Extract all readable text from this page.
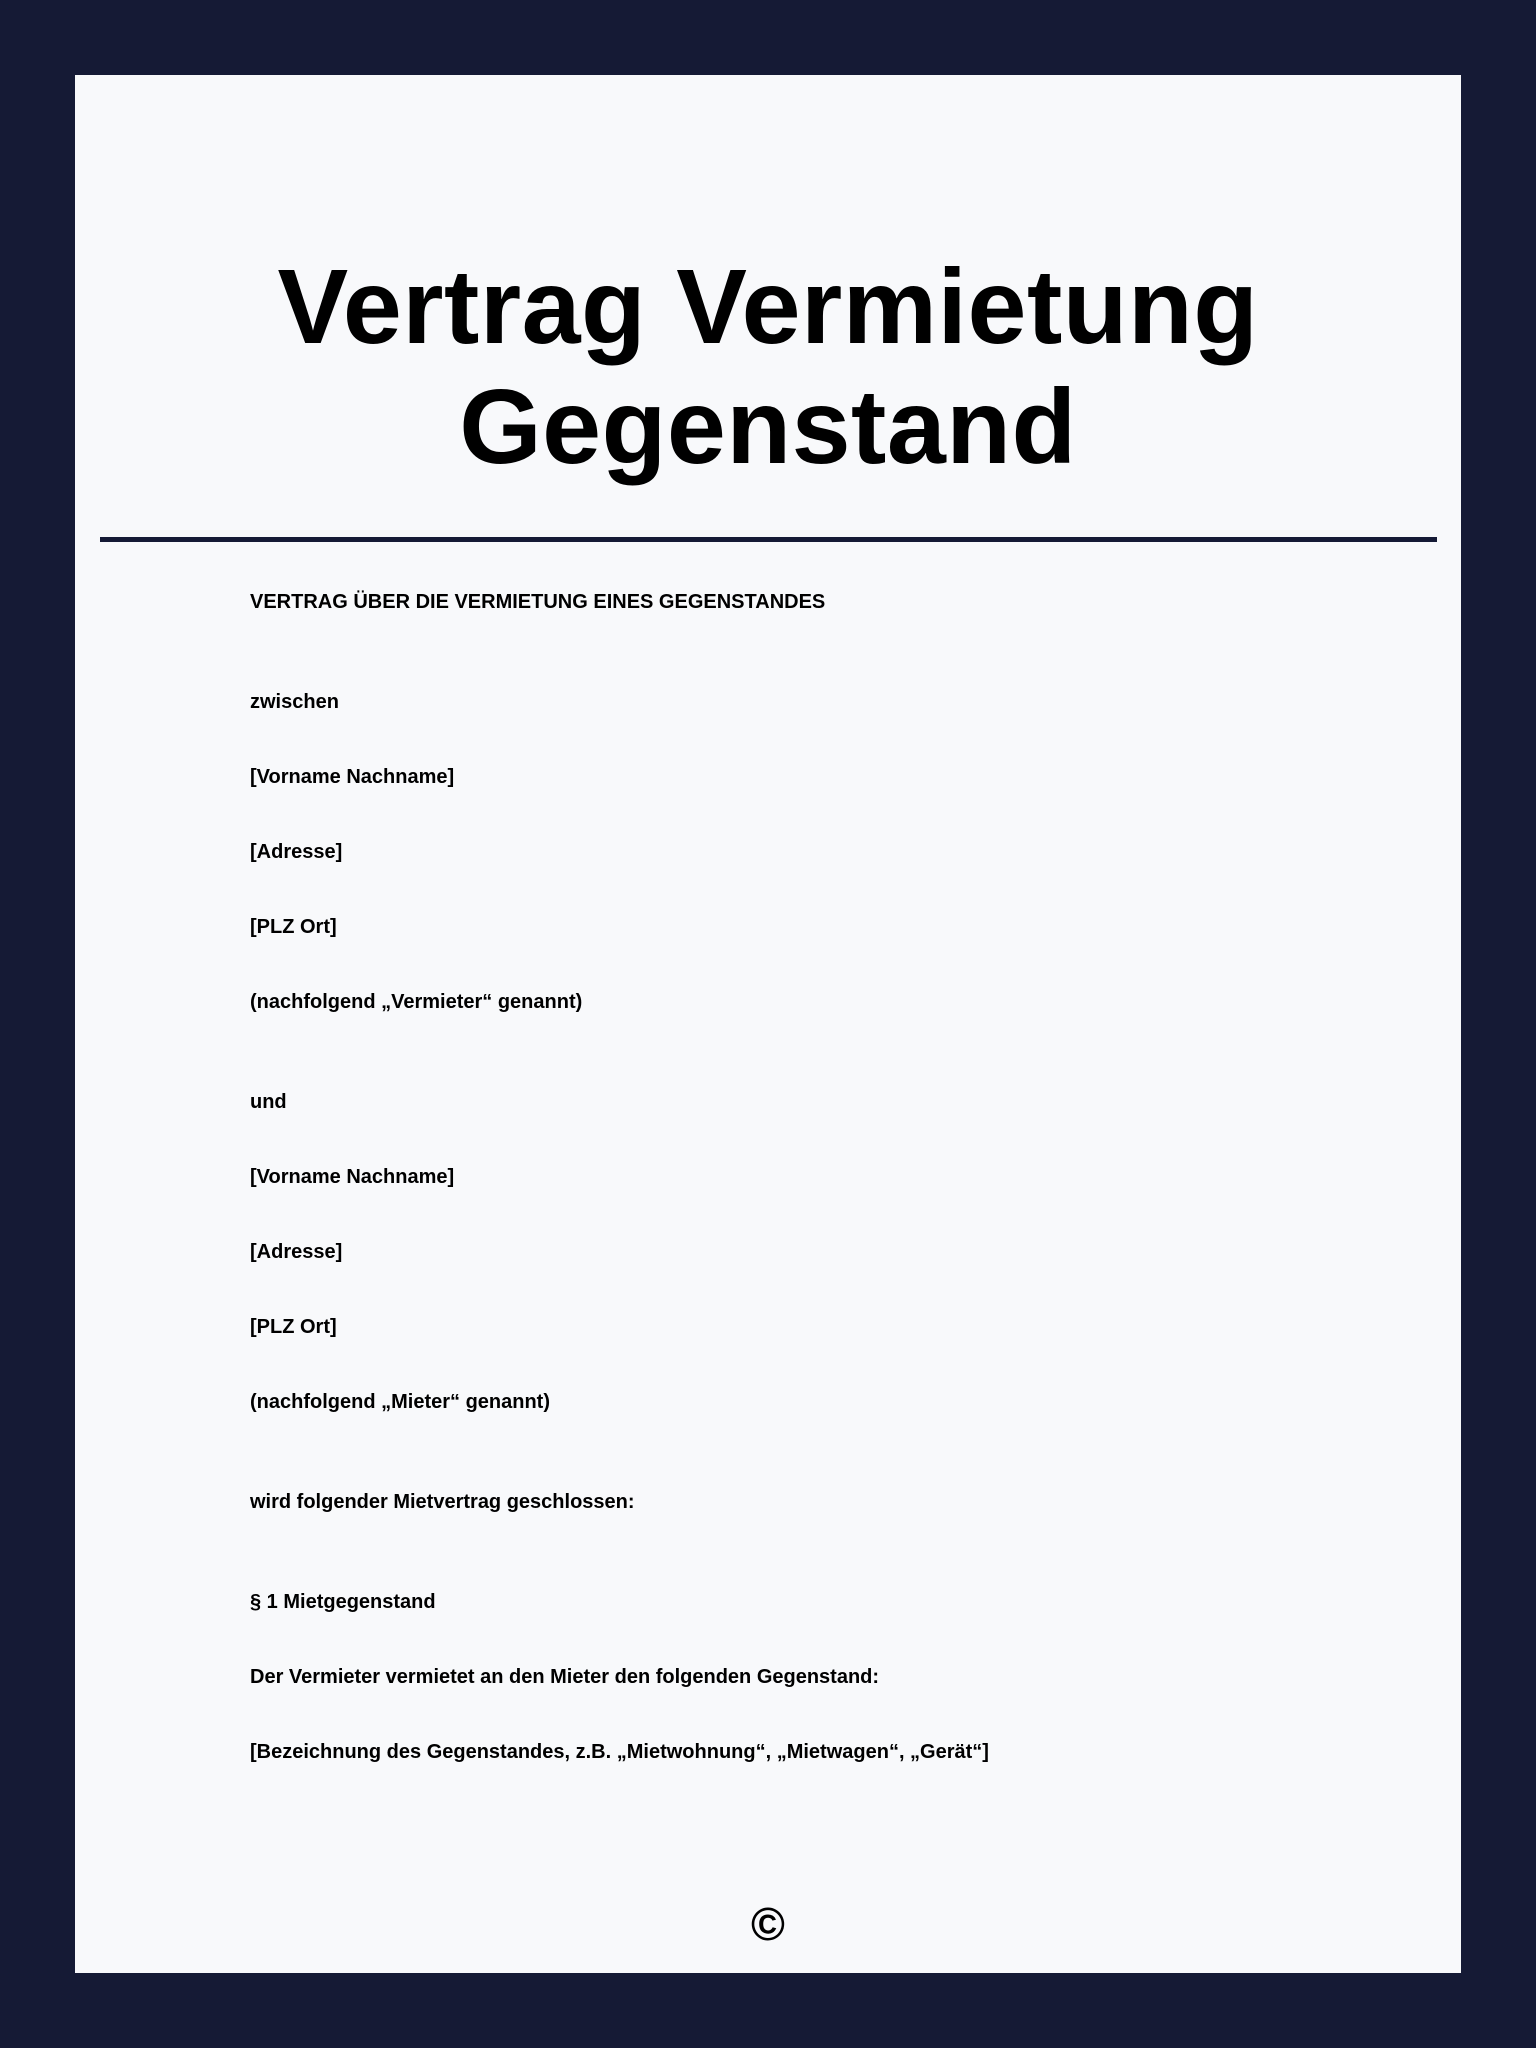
Vertrag Vermietung
Gegenstand
VERTRAG ÜBER DIE VERMIETUNG EINES GEGENSTANDES
zwischen
[Vorname Nachname]
[Adresse]
[PLZ Ort]
(nachfolgend „Vermieter“ genannt)
und
[Vorname Nachname]
[Adresse]
[PLZ Ort]
(nachfolgend „Mieter“ genannt)
wird folgender Mietvertrag geschlossen:
§ 1 Mietgegenstand
Der Vermieter vermietet an den Mieter den folgenden Gegenstand:
[Bezeichnung des Gegenstandes, z.B. „Mietwohnung“, „Mietwagen“, „Gerät“]
©
